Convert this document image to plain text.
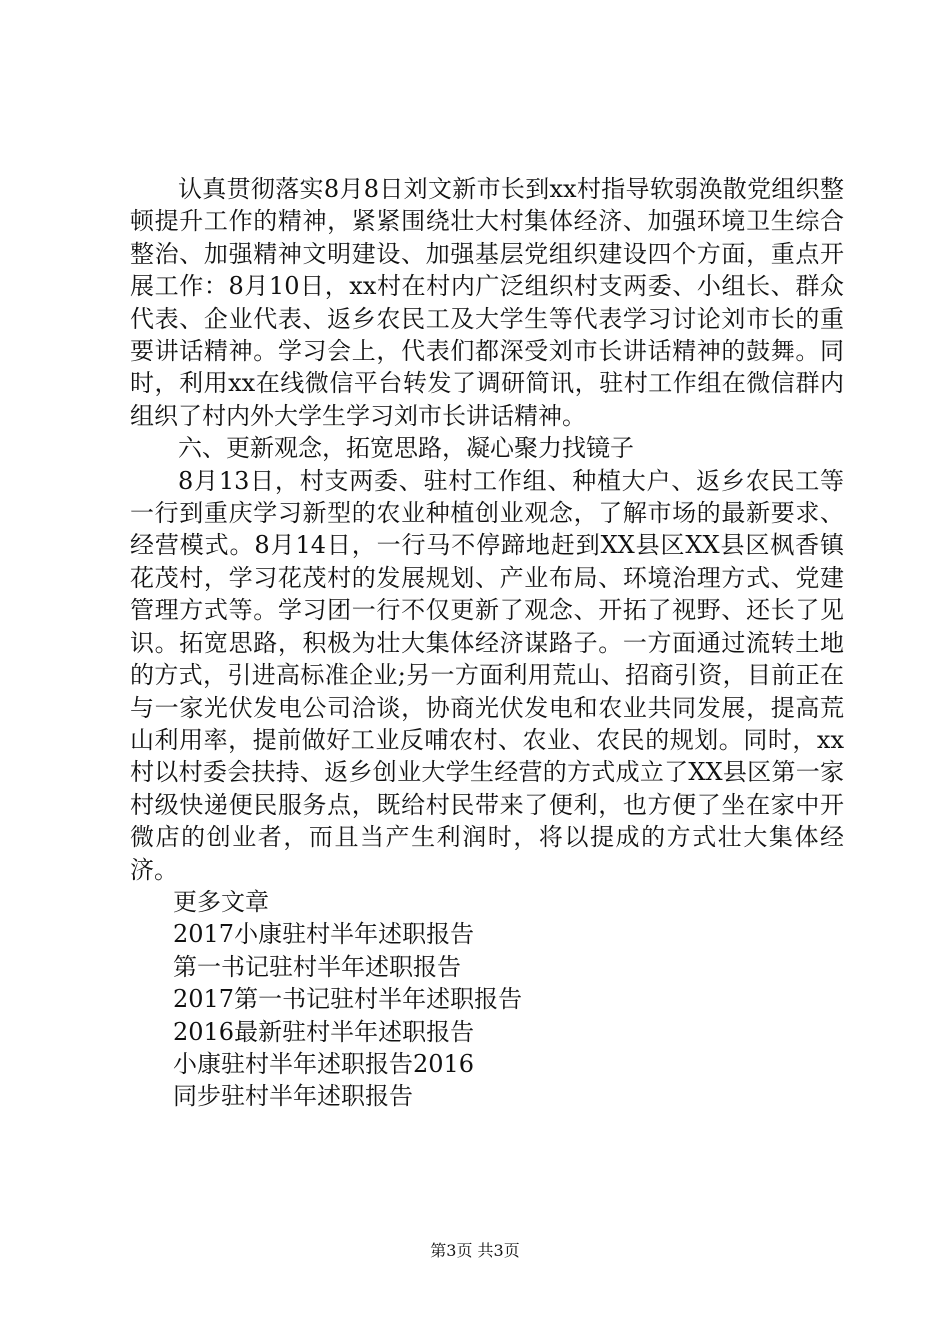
认真贯彻落实8月8日刘文新市长到xx村指导软弱涣散党组织整顿提升工作的精神，紧紧围绕壮大村集体经济、加强环境卫生综合整治、加强精神文明建设、加强基层党组织建设四个方面，重点开展工作：8月10日，xx村在村内广泛组织村支两委、小组长、群众代表、企业代表、返乡农民工及大学生等代表学习讨论刘市长的重要讲话精神。学习会上，代表们都深受刘市长讲话精神的鼓舞。同时，利用xx在线微信平台转发了调研简讯，驻村工作组在微信群内组织了村内外大学生学习刘市长讲话精神。

六、更新观念，拓宽思路，凝心聚力找镜子

8月13日，村支两委、驻村工作组、种植大户、返乡农民工等一行到重庆学习新型的农业种植创业观念，了解市场的最新要求、经营模式。8月14日，一行马不停蹄地赶到XX县区XX县区枫香镇花茂村，学习花茂村的发展规划、产业布局、环境治理方式、党建管理方式等。学习团一行不仅更新了观念、开拓了视野、还长了见识。拓宽思路，积极为壮大集体经济谋路子。一方面通过流转土地的方式，引进高标准企业;另一方面利用荒山、招商引资，目前正在与一家光伏发电公司洽谈，协商光伏发电和农业共同发展，提高荒山利用率，提前做好工业反哺农村、农业、农民的规划。同时，xx村以村委会扶持、返乡创业大学生经营的方式成立了XX县区第一家村级快递便民服务点，既给村民带来了便利，也方便了坐在家中开微店的创业者，而且当产生利润时，将以提成的方式壮大集体经济。

更多文章

2017小康驻村半年述职报告
第一书记驻村半年述职报告
2017第一书记驻村半年述职报告
2016最新驻村半年述职报告
小康驻村半年述职报告2016
同步驻村半年述职报告
第3页 共3页
